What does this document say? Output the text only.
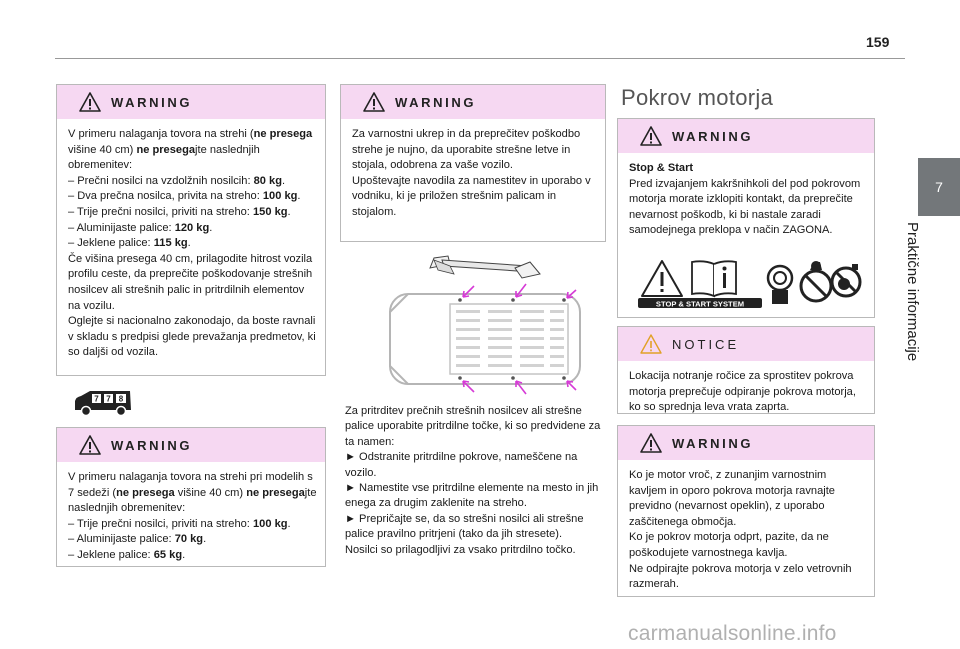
159
7
Praktične informacije
WARNING

V primeru nalaganja tovora na strehi (ne presega višine 40 cm) ne presegajte naslednjih obremenitev:

– Prečni nosilci na vzdolžnih nosilcih: 80 kg.

– Dva prečna nosilca, privita na streho: 100 kg.

– Trije prečni nosilci, priviti na streho: 150 kg.

– Aluminijaste palice: 120 kg.

– Jeklene palice: 115 kg.

Če višina presega 40 cm, prilagodite hitrost vozila profilu ceste, da preprečite poškodovanje strešnih nosilcev ali strešnih palic in pritrdilnih elementov na vozilu.

Oglejte si nacionalno zakonodajo, da boste ravnali v skladu s predpisi glede prevažanja predmetov, ki so daljši od vozila.

7 7 8
WARNING

V primeru nalaganja tovora na strehi pri modelih s 7 sedeži (ne presega višine 40 cm) ne presegajte naslednjih obremenitev:

– Trije prečni nosilci, priviti na streho: 100 kg.

– Aluminijaste palice: 70 kg.

– Jeklene palice: 65 kg.

WARNING

Za varnostni ukrep in da preprečitev poškodbo strehe je nujno, da uporabite strešne letve in stojala, odobrena za vaše vozilo.

Upoštevajte navodila za namestitev in uporabo v vodniku, ki je priložen strešnim palicam in stojalom.

Za pritrditev prečnih strešnih nosilcev ali strešne palice uporabite pritrdilne točke, ki so predvidene za ta namen:

► Odstranite pritrdilne pokrove, nameščene na vozilo.

► Namestite vse pritrdilne elemente na mesto in jih enega za drugim zaklenite na streho.

► Prepričajte se, da so strešni nosilci ali strešne palice pravilno pritrjeni (tako da jih stresete).

Nosilci so prilagodljivi za vsako pritrdilno točko.

Pokrov motorja
WARNING

Stop & Start

Pred izvajanjem kakršnihkoli del pod pokrovom motorja morate izklopiti kontakt, da preprečite nevarnost poškodb, ki bi nastale zaradi samodejnega preklopa v način ZAGONA.

STOP & START SYSTEM
NOTICE

Lokacija notranje ročice za sprostitev pokrova motorja preprečuje odpiranje pokrova motorja, ko so sprednja leva vrata zaprta.

WARNING

Ko je motor vroč, z zunanjim varnostnim kavljem in oporo pokrova motorja ravnajte previdno (nevarnost opeklin), z uporabo zaščitenega območja.

Ko je pokrov motorja odprt, pazite, da ne poškodujete varnostnega kavlja.

Ne odpirajte pokrova motorja v zelo vetrovnih razmerah.

carmanualsonline.info
